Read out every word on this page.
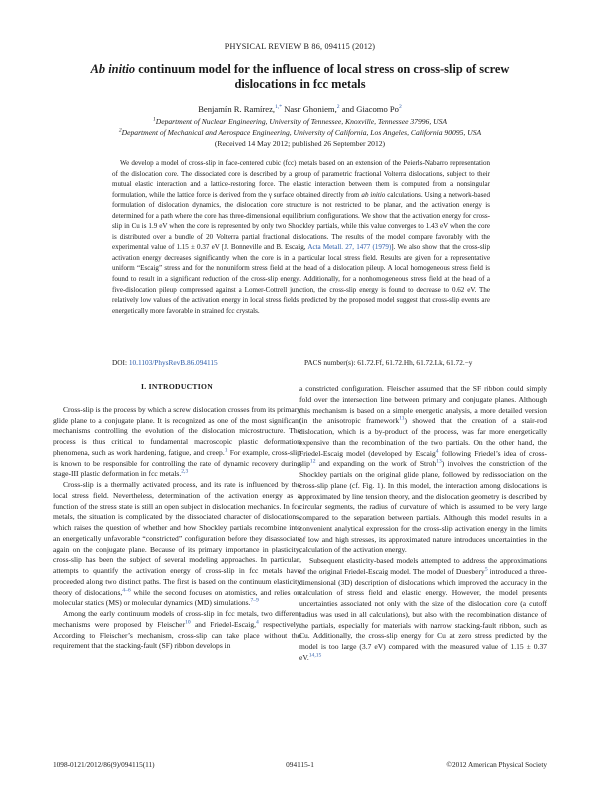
PHYSICAL REVIEW B 86, 094115 (2012)
Ab initio continuum model for the influence of local stress on cross-slip of screw dislocations in fcc metals
Benjamín R. Ramírez,$^{1,*}$ Nasr Ghoniem,$^2$ and Giacomo Po$^2$
$^1$Department of Nuclear Engineering, University of Tennessee, Knoxville, Tennessee 37996, USA
$^2$Department of Mechanical and Aerospace Engineering, University of California, Los Angeles, California 90095, USA
(Received 14 May 2012; published 26 September 2012)
We develop a model of cross-slip in face-centered cubic (fcc) metals based on an extension of the Peierls-Nabarro representation of the dislocation core. The dissociated core is described by a group of parametric fractional Volterra dislocations, subject to their mutual elastic interaction and a lattice-restoring force. The elastic interaction between them is computed from a nonsingular formulation, while the lattice force is derived from the γ surface obtained directly from ab initio calculations. Using a network-based formulation of dislocation dynamics, the dislocation core structure is not restricted to be planar, and the activation energy is determined for a path where the core has three-dimensional equilibrium configurations. We show that the activation energy for cross-slip in Cu is 1.9 eV when the core is represented by only two Shockley partials, while this value converges to 1.43 eV when the core is distributed over a bundle of 20 Volterra partial fractional dislocations. The results of the model compare favorably with the experimental value of 1.15 ± 0.37 eV [J. Bonneville and B. Escaig, Acta Metall. 27, 1477 (1979)]. We also show that the cross-slip activation energy decreases significantly when the core is in a particular local stress field. Results are given for a representative uniform “Escaig” stress and for the nonuniform stress field at the head of a dislocation pileup. A local homogeneous stress field is found to result in a significant reduction of the cross-slip energy. Additionally, for a nonhomogeneous stress field at the head of a five-dislocation pileup compressed against a Lomer-Cottrell junction, the cross-slip energy is found to decrease to 0.62 eV. The relatively low values of the activation energy in local stress fields predicted by the proposed model suggest that cross-slip events are energetically more favorable in strained fcc crystals.
DOI: 10.1103/PhysRevB.86.094115	PACS number(s): 61.72.Ff, 61.72.Hh, 61.72.Lk, 61.72.−y
I. INTRODUCTION

Cross-slip is the process by which a screw dislocation crosses from its primary glide plane to a conjugate plane. It is recognized as one of the most significant mechanisms controlling the evolution of the dislocation microstructure. The process is thus critical to fundamental macroscopic plastic deformation phenomena, such as work hardening, fatigue, and creep.$^1$ For example, cross-slip is known to be responsible for controlling the rate of dynamic recovery during stage-III plastic deformation in fcc metals.$^{2,3}$

Cross-slip is a thermally activated process, and its rate is influenced by the local stress field. Nevertheless, determination of the activation energy as a function of the stress state is still an open subject in dislocation mechanics. In fcc metals, the situation is complicated by the dissociated character of dislocations, which raises the question of whether and how Shockley partials recombine into an energetically unfavorable “constricted” configuration before they disassociate again on the conjugate plane. Because of its primary importance in plasticity, cross-slip has been the subject of several modeling approaches. In particular, attempts to quantify the activation energy of cross-slip in fcc metals have proceeded along two distinct paths. The first is based on the continuum elasticity theory of dislocations,$^{4-6}$ while the second focuses on atomistics, and relies on molecular statics (MS) or molecular dynamics (MD) simulations.$^{7-9}$

Among the early continuum models of cross-slip in fcc metals, two different mechanisms were proposed by Fleischer$^{10}$ and Friedel-Escaig,$^4$ respectively. According to Fleischer’s mechanism, cross-slip can take place without the requirement that the stacking-fault (SF) ribbon develops in

a constricted configuration. Fleischer assumed that the SF ribbon could simply fold over the intersection line between primary and conjugate planes. Although this mechanism is based on a simple energetic analysis, a more detailed version (in the anisotropic framework$^{11}$) showed that the creation of a stair-rod dislocation, which is a by-product of the process, was far more energetically expensive than the recombination of the two partials. On the other hand, the Friedel-Escaig model (developed by Escaig$^4$ following Friedel’s idea of cross-slip$^{12}$ and expanding on the work of Stroh$^{13}$) involves the constriction of the Shockley partials on the original glide plane, followed by redissociation on the cross-slip plane (cf. Fig. 1). In this model, the interaction among dislocations is approximated by line tension theory, and the dislocation geometry is described by circular segments, the radius of curvature of which is assumed to be very large compared to the separation between partials. Although this model results in a convenient analytical expression for the cross-slip activation energy in the limits of low and high stresses, its approximated nature introduces uncertainties in the calculation of the activation energy.

Subsequent elasticity-based models attempted to address the approximations of the original Friedel-Escaig model. The model of Duesbery$^5$ introduced a three-dimensional (3D) description of dislocations which improved the accuracy in the calculation of stress field and elastic energy. However, the model presents uncertainties associated not only with the size of the dislocation core (a cutoff radius was used in all calculations), but also with the recombination distance of the partials, especially for materials with narrow stacking-fault ribbon, such as Cu. Additionally, the cross-slip energy for Cu at zero stress predicted by the model is too large (3.7 eV) compared with the measured value of 1.15 ± 0.37 eV.$^{14,15}$

1098-0121/2012/86(9)/094115(11)	094115-1	©2012 American Physical Society
